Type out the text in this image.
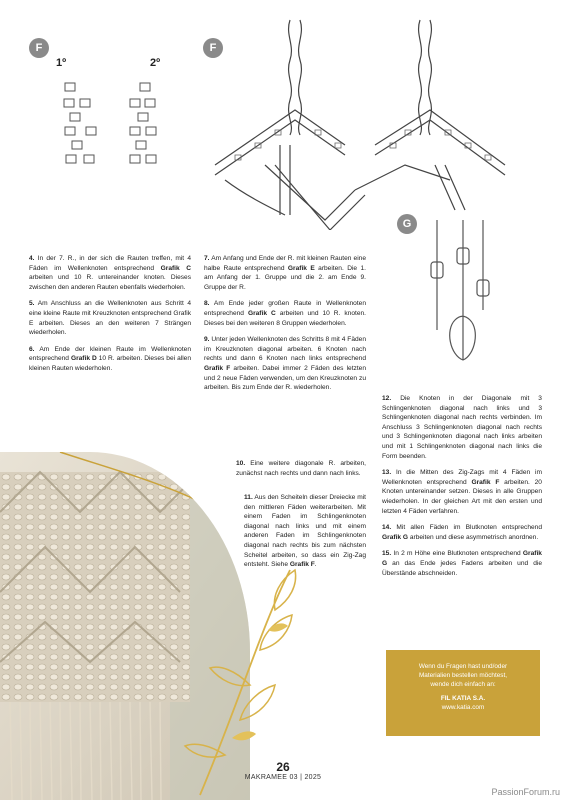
F	F
G
1º	2º

4. In der 7. R., in der sich die Rauten treffen, mit 4 Fäden im Wellenknoten entsprechend Grafik C arbeiten und 10 R. untereinander knoten. Dieses zwischen den anderen Rauten ebenfalls wiederholen.

5. Am Anschluss an die Wellenknoten aus Schritt 4 eine kleine Raute mit Kreuzknoten entsprechend Grafik E arbeiten. Dieses an den weiteren 7 Strängen wiederholen.

6. Am Ende der kleinen Raute im Wellenknoten entsprechend Grafik D 10 R. arbeiten. Dieses bei allen kleinen Rauten wiederholen.

7. Am Anfang und Ende der R. mit kleinen Rauten eine halbe Raute entsprechend Grafik E arbeiten. Die 1. am Anfang der 1. Gruppe und die 2. am Ende 9. Gruppe der R.

8. Am Ende jeder großen Raute in Wellenknoten entsprechend Grafik C arbeiten und 10 R. knoten. Dieses bei den weiteren 8 Gruppen wiederholen.

9. Unter jeden Wellenknoten des Schritts 8 mit 4 Fäden im Kreuzknoten diagonal arbeiten. 6 Knoten nach rechts und dann 6 Knoten nach links entsprechend Grafik F arbeiten. Dabei immer 2 Fäden des letzten und 2 neue Fäden verwenden, um den Kreuzknoten zu arbeiten. Bis zum Ende der R. wiederholen.

10. Eine weitere diagonale R. arbeiten, zunächst nach rechts und dann nach links.
11. Aus den Scheiteln dieser Dreiecke mit den mittleren Fäden weiterarbeiten. Mit einem Faden im Schlingenknoten diagonal nach links und mit einem anderen Faden im Schlingenknoten diagonal nach rechts bis zum nächsten Scheitel arbeiten, so dass ein Zig-Zag entsteht. Siehe Grafik F.

12. Die Knoten in der Diagonale mit 3 Schlingenknoten diagonal nach links und 3 Schlingenknoten diagonal nach rechts verbinden. Im Anschluss 3 Schlingenknoten diagonal nach rechts und 3 Schlingenknoten diagonal nach links arbeiten und mit 1 Schlingenknoten diagonal nach links die Form beenden.

13. In die Mitten des Zig-Zags mit 4 Fäden im Wellenknoten entsprechend Grafik F arbeiten. 20 Knoten untereinander setzen. Dieses in alle Gruppen wiederholen. In der gleichen Art mit den ersten und letzten 4 Fäden verfahren.

14. Mit allen Fäden im Blutknoten entsprechend Grafik G arbeiten und diese asymmetrisch anordnen.

15. In 2 m Höhe eine Blutknoten entsprechend Grafik G an das Ende jedes Fadens arbeiten und die Überstände abschneiden.

Wenn du Fragen hast und/oder
Materialien bestellen möchtest,
wende dich einfach an:
FIL KATIA S.A.
www.katia.com
26
MAKRAMEE 03 | 2025
PassionForum.ru
